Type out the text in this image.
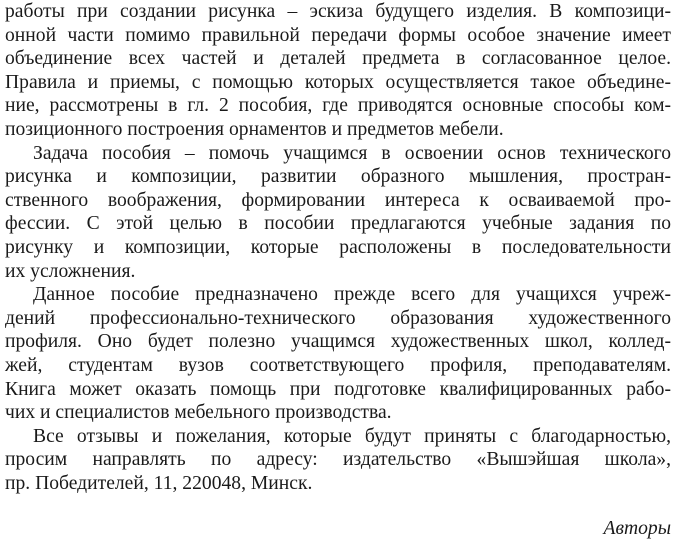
работы при создании рисунка – эскиза будущего изделия. В композици-
онной части помимо правильной передачи формы особое значение имеет
объединение всех частей и деталей предмета в согласованное целое.
Правила и приемы, с помощью которых осуществляется такое объедине-
ние, рассмотрены в гл. 2 пособия, где приводятся основные способы ком-
позиционного построения орнаментов и предметов мебели.
Задача пособия – помочь учащимся в освоении основ технического
рисунка и композиции, развитии образного мышления, простран-
ственного воображения, формировании интереса к осваиваемой про-
фессии. С этой целью в пособии предлагаются учебные задания по
рисунку и композиции, которые расположены в последовательности
их усложнения.
Данное пособие предназначено прежде всего для учащихся учреж-
дений профессионально-технического образования художественного
профиля. Оно будет полезно учащимся художественных школ, коллед-
жей, студентам вузов соответствующего профиля, преподавателям.
Книга может оказать помощь при подготовке квалифицированных рабо-
чих и специалистов мебельного производства.
Все отзывы и пожелания, которые будут приняты с благодарностью,
просим направлять по адресу: издательство «Вышэйшая школа»,
пр. Победителей, 11, 220048, Минск.
Авторы
